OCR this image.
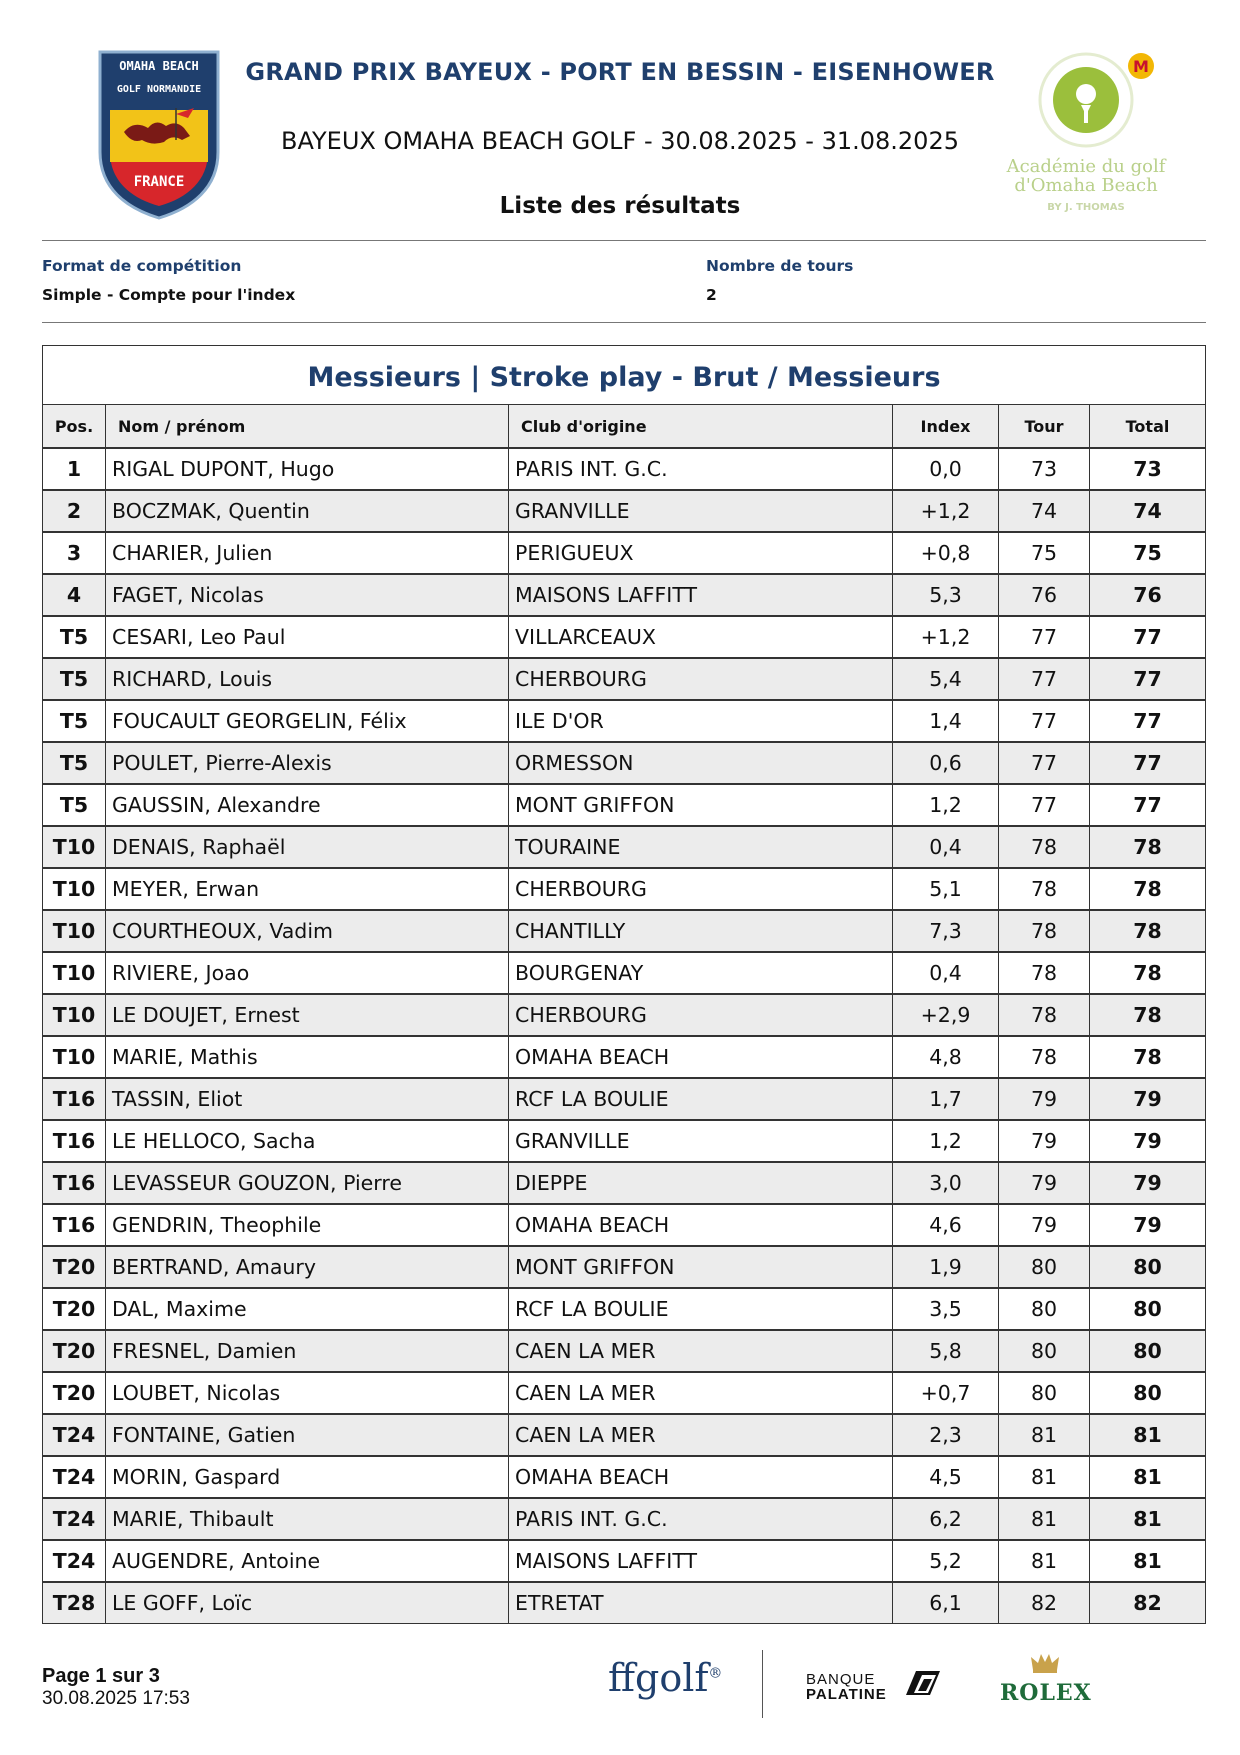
OMAHA BEACH
GOLF NORMANDIE
FRANCE
GRAND PRIX BAYEUX - PORT EN BESSIN - EISENHOWER
BAYEUX OMAHA BEACH GOLF - 30.08.2025 - 31.08.2025
Liste des résultats
M
Académie du golf
d'Omaha Beach
BY J. THOMAS
Format de compétition
Simple - Compte pour l'index
Nombre de tours
2
Messieurs | Stroke play - Brut / Messieurs
Pos.	Nom / prénom	Club d'origine	Index	Tour	Total
1	RIGAL DUPONT, Hugo	PARIS INT. G.C.	0,0	73	73
2	BOCZMAK, Quentin	GRANVILLE	+1,2	74	74
3	CHARIER, Julien	PERIGUEUX	+0,8	75	75
4	FAGET, Nicolas	MAISONS LAFFITT	5,3	76	76
T5	CESARI, Leo Paul	VILLARCEAUX	+1,2	77	77
T5	RICHARD, Louis	CHERBOURG	5,4	77	77
T5	FOUCAULT GEORGELIN, Félix	ILE D'OR	1,4	77	77
T5	POULET, Pierre-Alexis	ORMESSON	0,6	77	77
T5	GAUSSIN, Alexandre	MONT GRIFFON	1,2	77	77
T10 DENAIS, Raphaël	TOURAINE	0,4	78	78
T10 MEYER, Erwan	CHERBOURG	5,1	78	78
T10 COURTHEOUX, Vadim	CHANTILLY	7,3	78	78
T10 RIVIERE, Joao	BOURGENAY	0,4	78	78
T10 LE DOUJET, Ernest	CHERBOURG	+2,9	78	78
T10 MARIE, Mathis	OMAHA BEACH	4,8	78	78
T16 TASSIN, Eliot	RCF LA BOULIE	1,7	79	79
T16 LE HELLOCO, Sacha	GRANVILLE	1,2	79	79
T16 LEVASSEUR GOUZON, Pierre	DIEPPE	3,0	79	79
T16 GENDRIN, Theophile	OMAHA BEACH	4,6	79	79
T20 BERTRAND, Amaury	MONT GRIFFON	1,9	80	80
T20 DAL, Maxime	RCF LA BOULIE	3,5	80	80
T20 FRESNEL, Damien	CAEN LA MER	5,8	80	80
T20 LOUBET, Nicolas	CAEN LA MER	+0,7	80	80
T24 FONTAINE, Gatien	CAEN LA MER	2,3	81	81
T24 MORIN, Gaspard	OMAHA BEACH	4,5	81	81
T24 MARIE, Thibault	PARIS INT. G.C.	6,2	81	81
T24 AUGENDRE, Antoine	MAISONS LAFFITT	5,2	81	81
T28 LE GOFF, Loïc	ETRETAT	6,1	82	82
Page 1 sur 3
30.08.2025 17:53	ffgolf®	BANQUE
PALATINE	ROLEX
